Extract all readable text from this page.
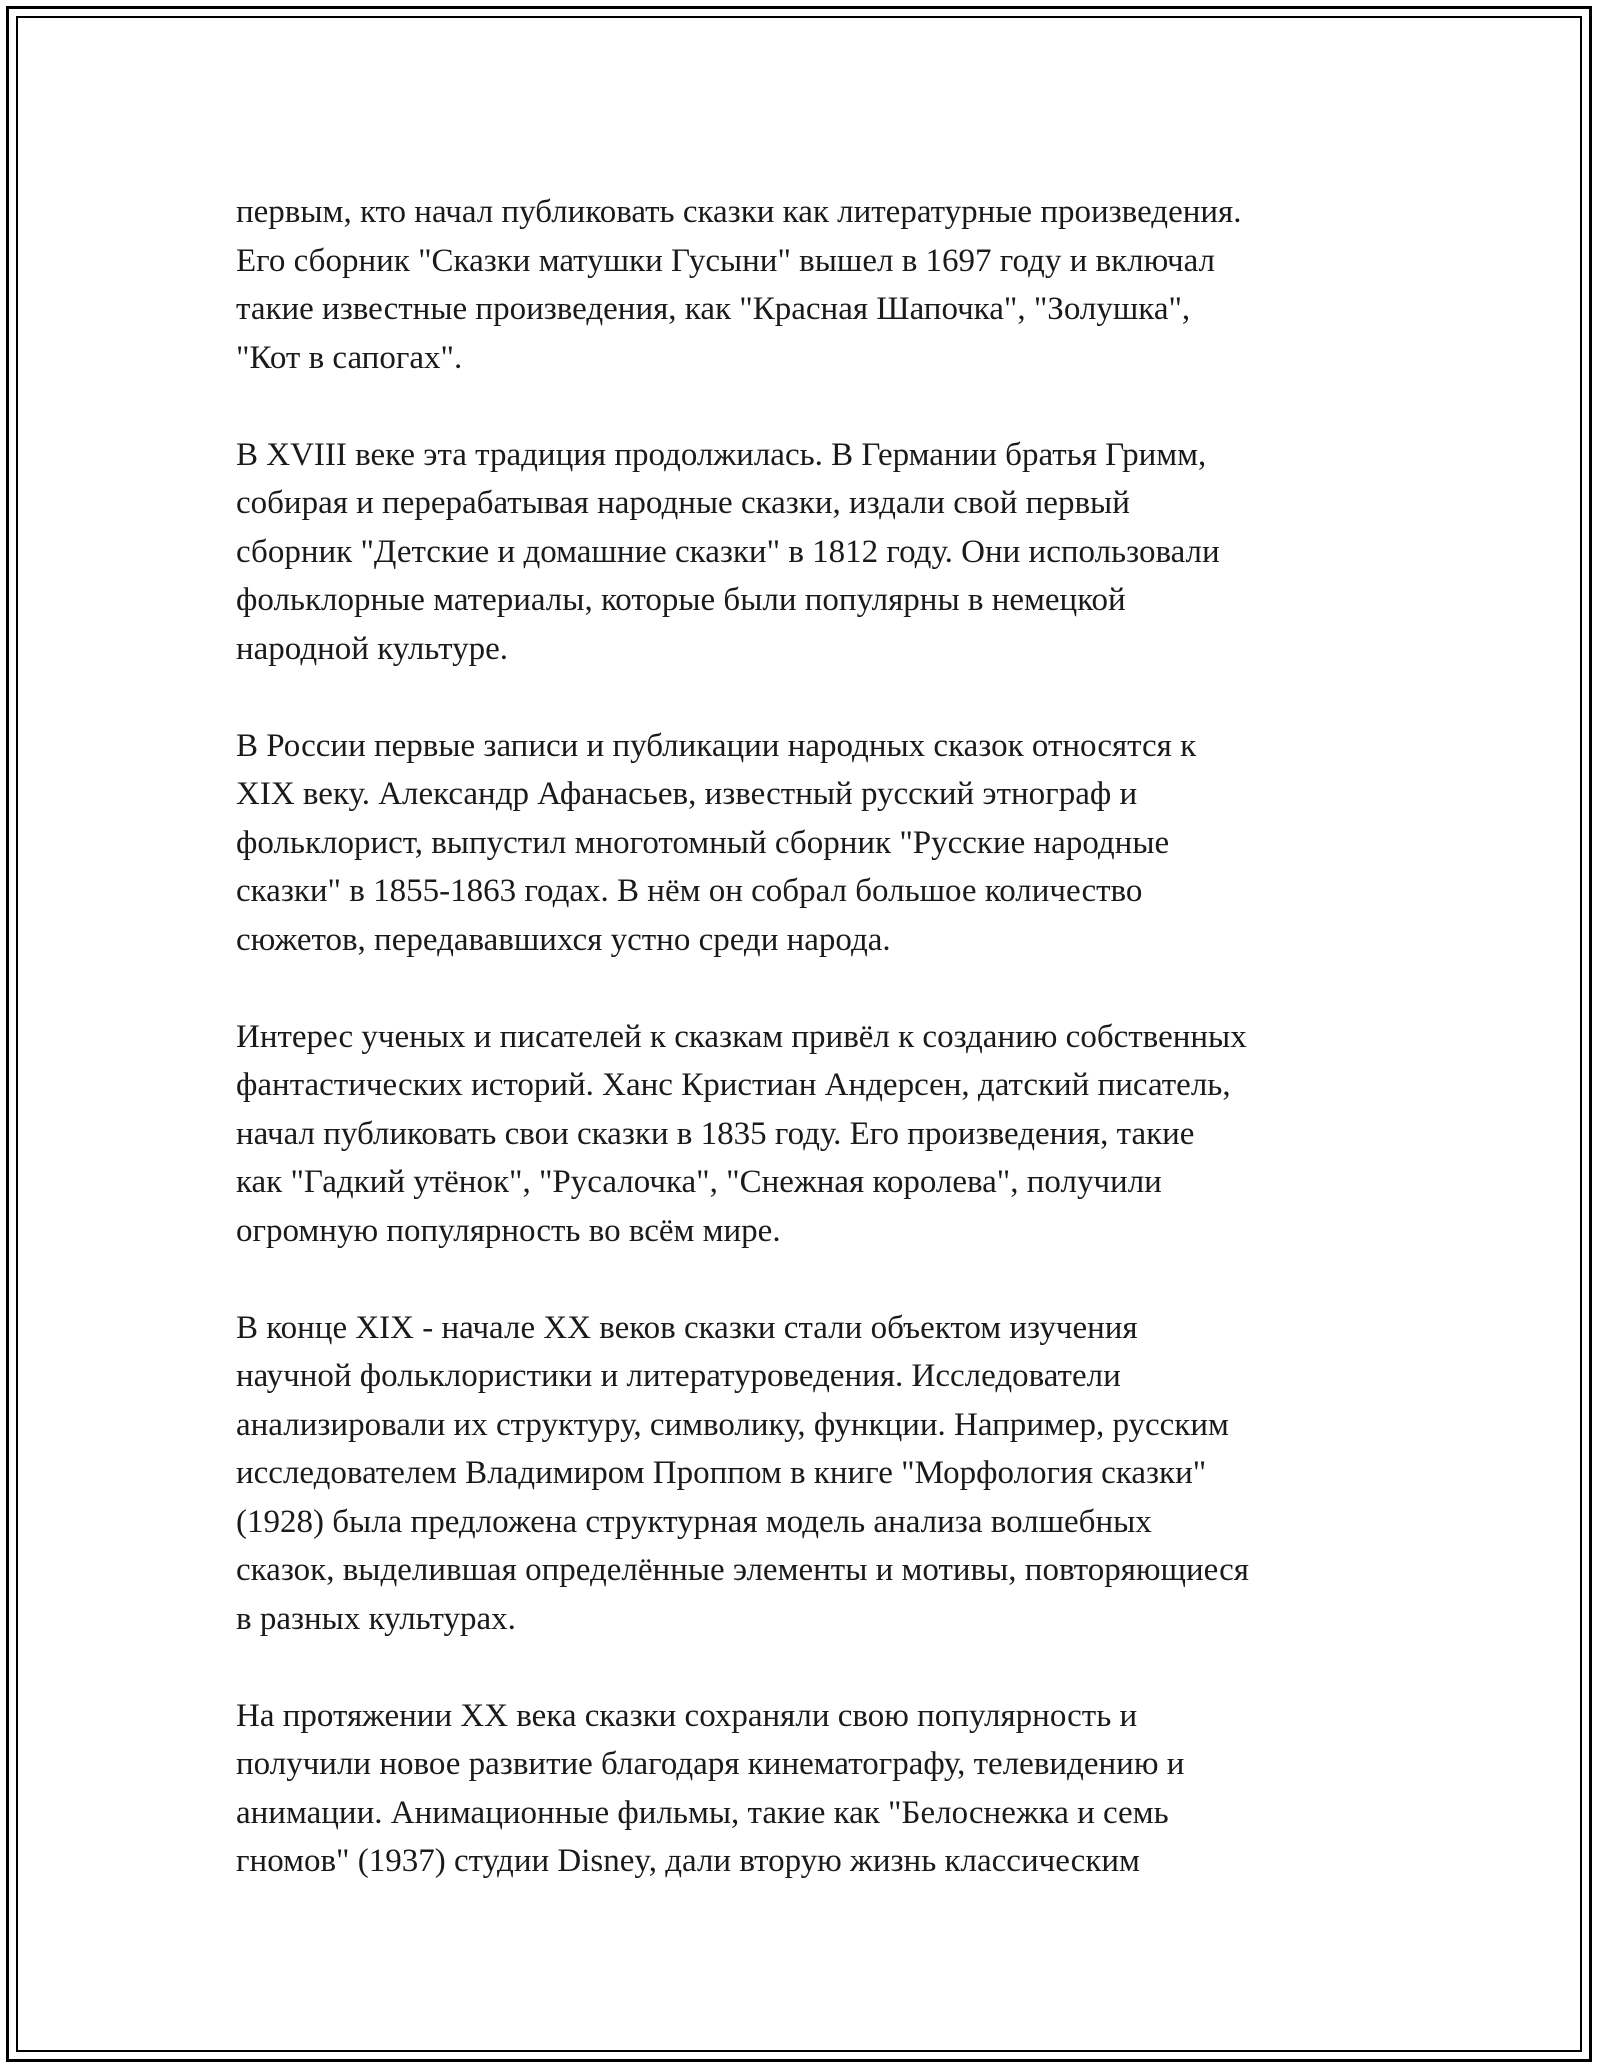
первым, кто начал публиковать сказки как литературные произведения.
Его сборник "Сказки матушки Гусыни" вышел в 1697 году и включал
такие известные произведения, как "Красная Шапочка", "Золушка",
"Кот в сапогах".
В XVIII веке эта традиция продолжилась. В Германии братья Гримм,
собирая и перерабатывая народные сказки, издали свой первый
сборник "Детские и домашние сказки" в 1812 году. Они использовали
фольклорные материалы, которые были популярны в немецкой
народной культуре.
В России первые записи и публикации народных сказок относятся к
XIX веку. Александр Афанасьев, известный русский этнограф и
фольклорист, выпустил многотомный сборник "Русские народные
сказки" в 1855-1863 годах. В нём он собрал большое количество
сюжетов, передававшихся устно среди народа.
Интерес ученых и писателей к сказкам привёл к созданию собственных
фантастических историй. Ханс Кристиан Андерсен, датский писатель,
начал публиковать свои сказки в 1835 году. Его произведения, такие
как "Гадкий утёнок", "Русалочка", "Снежная королева", получили
огромную популярность во всём мире.
В конце XIX - начале XX веков сказки стали объектом изучения
научной фольклористики и литературоведения. Исследователи
анализировали их структуру, символику, функции. Например, русским
исследователем Владимиром Проппом в книге "Морфология сказки"
(1928) была предложена структурная модель анализа волшебных
сказок, выделившая определённые элементы и мотивы, повторяющиеся
в разных культурах.
На протяжении XX века сказки сохраняли свою популярность и
получили новое развитие благодаря кинематографу, телевидению и
анимации. Анимационные фильмы, такие как "Белоснежка и семь
гномов" (1937) студии Disney, дали вторую жизнь классическим
